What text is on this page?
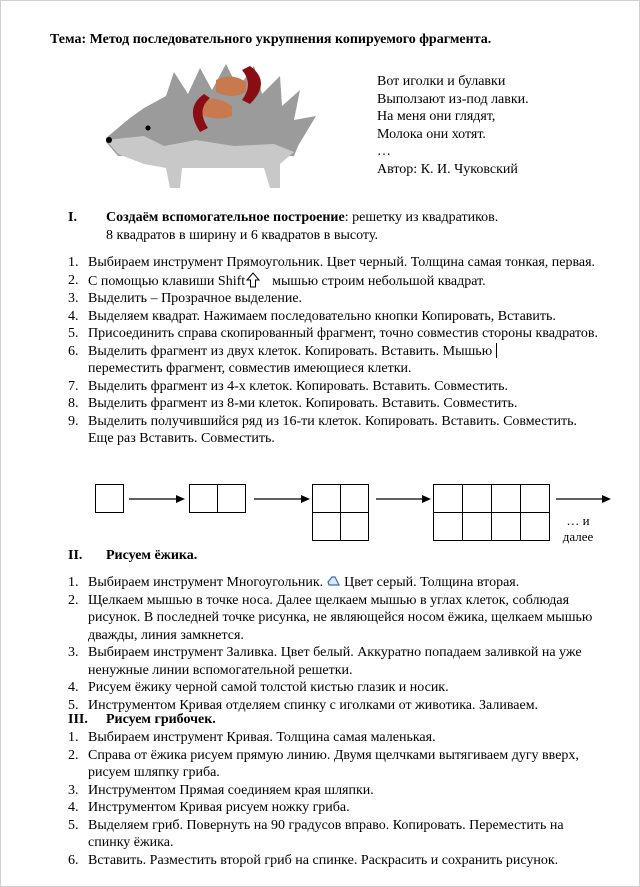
Тема: Метод последовательного укрупнения копируемого фрагмента.
Вот иголки и булавки
Выползают из-под лавки.
На меня они глядят,
Молока они хотят.
…
Автор: К. И. Чуковский
I. Создаём вспомогательное построение: решетку из квадратиков.
8 квадратов в ширину и 6 квадратов в высоту.
1. Выбираем инструмент Прямоугольник. Цвет черный. Толщина самая тонкая, первая.
2. С помощью клавиши Shift мышью строим небольшой квадрат.
3. Выделить – Прозрачное выделение.
4. Выделяем квадрат. Нажимаем последовательно кнопки Копировать, Вставить.
5. Присоединить справа скопированный фрагмент, точно совместив стороны квадратов.
6. Выделить фрагмент из двух клеток. Копировать. Вставить. Мышью
переместить фрагмент, совместив имеющиеся клетки.
7. Выделить фрагмент из 4-х клеток. Копировать. Вставить. Совместить.
8. Выделить фрагмент из 8-ми клеток. Копировать. Вставить. Совместить.
9. Выделить получившийся ряд из 16-ти клеток. Копировать. Вставить. Совместить. Еще раз Вставить. Совместить.
… и
далее
II. Рисуем ёжика.
1. Выбираем инструмент Многоугольник. Цвет серый. Толщина вторая.
2. Щелкаем мышью в точке носа. Далее щелкаем мышью в углах клеток, соблюдая рисунок. В последней точке рисунка, не являющейся носом ёжика, щелкаем мышью дважды, линия замкнется.
3. Выбираем инструмент Заливка. Цвет белый. Аккуратно попадаем заливкой на уже ненужные линии вспомогательной решетки.
4. Рисуем ёжику черной самой толстой кистью глазик и носик.
5. Инструментом Кривая отделяем спинку с иголками от животика. Заливаем.
III. Рисуем грибочек.
1. Выбираем инструмент Кривая. Толщина самая маленькая.
2. Справа от ёжика рисуем прямую линию. Двумя щелчками вытягиваем дугу вверх, рисуем шляпку гриба.
3. Инструментом Прямая соединяем края шляпки.
4. Инструментом Кривая рисуем ножку гриба.
5. Выделяем гриб. Повернуть на 90 градусов вправо. Копировать. Переместить на спинку ёжика.
6. Вставить. Разместить второй гриб на спинке. Раскрасить и сохранить рисунок.
